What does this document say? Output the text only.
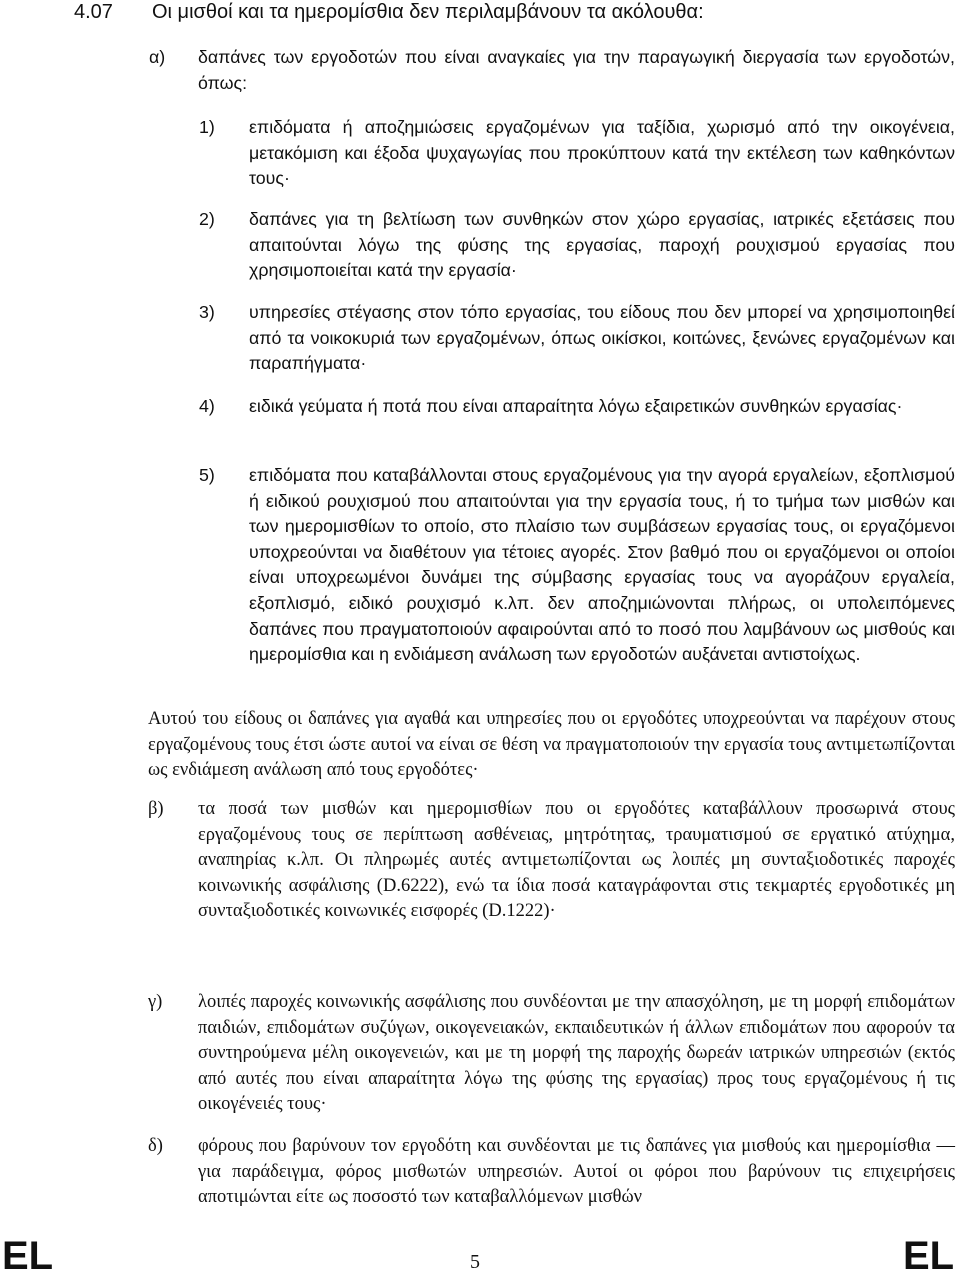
4.07 Οι μισθοί και τα ημερομίσθια δεν περιλαμβάνουν τα ακόλουθα:
α) δαπάνες των εργοδοτών που είναι αναγκαίες για την παραγωγική διεργασία των εργοδοτών, όπως:
1) επιδόματα ή αποζημιώσεις εργαζομένων για ταξίδια, χωρισμό από την οικογένεια, μετακόμιση και έξοδα ψυχαγωγίας που προκύπτουν κατά την εκτέλεση των καθηκόντων τους·
2) δαπάνες για τη βελτίωση των συνθηκών στον χώρο εργασίας, ιατρικές εξετάσεις που απαιτούνται λόγω της φύσης της εργασίας, παροχή ρουχισμού εργασίας που χρησιμοποιείται κατά την εργασία·
3) υπηρεσίες στέγασης στον τόπο εργασίας, του είδους που δεν μπορεί να χρησιμοποιηθεί από τα νοικοκυριά των εργαζομένων, όπως οικίσκοι, κοιτώνες, ξενώνες εργαζομένων και παραπήγματα·
4) ειδικά γεύματα ή ποτά που είναι απαραίτητα λόγω εξαιρετικών συνθηκών εργασίας·
5) επιδόματα που καταβάλλονται στους εργαζομένους για την αγορά εργαλείων, εξοπλισμού ή ειδικού ρουχισμού που απαιτούνται για την εργασία τους, ή το τμήμα των μισθών και των ημερομισθίων το οποίο, στο πλαίσιο των συμβάσεων εργασίας τους, οι εργαζόμενοι υποχρεούνται να διαθέτουν για τέτοιες αγορές. Στον βαθμό που οι εργαζόμενοι οι οποίοι είναι υποχρεωμένοι δυνάμει της σύμβασης εργασίας τους να αγοράζουν εργαλεία, εξοπλισμό, ειδικό ρουχισμό κ.λπ. δεν αποζημιώνονται πλήρως, οι υπολειπόμενες δαπάνες που πραγματοποιούν αφαιρούνται από το ποσό που λαμβάνουν ως μισθούς και ημερομίσθια και η ενδιάμεση ανάλωση των εργοδοτών αυξάνεται αντιστοίχως.
Αυτού του είδους οι δαπάνες για αγαθά και υπηρεσίες που οι εργοδότες υποχρεούνται να παρέχουν στους εργαζομένους τους έτσι ώστε αυτοί να είναι σε θέση να πραγματοποιούν την εργασία τους αντιμετωπίζονται ως ενδιάμεση ανάλωση από τους εργοδότες·
β) τα ποσά των μισθών και ημερομισθίων που οι εργοδότες καταβάλλουν προσωρινά στους εργαζομένους τους σε περίπτωση ασθένειας, μητρότητας, τραυματισμού σε εργατικό ατύχημα, αναπηρίας κ.λπ. Οι πληρωμές αυτές αντιμετωπίζονται ως λοιπές μη συνταξιοδοτικές παροχές κοινωνικής ασφάλισης (D.6222), ενώ τα ίδια ποσά καταγράφονται στις τεκμαρτές εργοδοτικές μη συνταξιοδοτικές κοινωνικές εισφορές (D.1222)·
γ) λοιπές παροχές κοινωνικής ασφάλισης που συνδέονται με την απασχόληση, με τη μορφή επιδομάτων παιδιών, επιδομάτων συζύγων, οικογενειακών, εκπαιδευτικών ή άλλων επιδομάτων που αφορούν τα συντηρούμενα μέλη οικογενειών, και με τη μορφή της παροχής δωρεάν ιατρικών υπηρεσιών (εκτός από αυτές που είναι απαραίτητα λόγω της φύσης της εργασίας) προς τους εργαζομένους ή τις οικογένειές τους·
δ) φόρους που βαρύνουν τον εργοδότη και συνδέονται με τις δαπάνες για μισθούς και ημερομίσθια —για παράδειγμα, φόρος μισθωτών υπηρεσιών. Αυτοί οι φόροι που βαρύνουν τις επιχειρήσεις αποτιμώνται είτε ως ποσοστό των καταβαλλόμενων μισθών
EL	5	EL
